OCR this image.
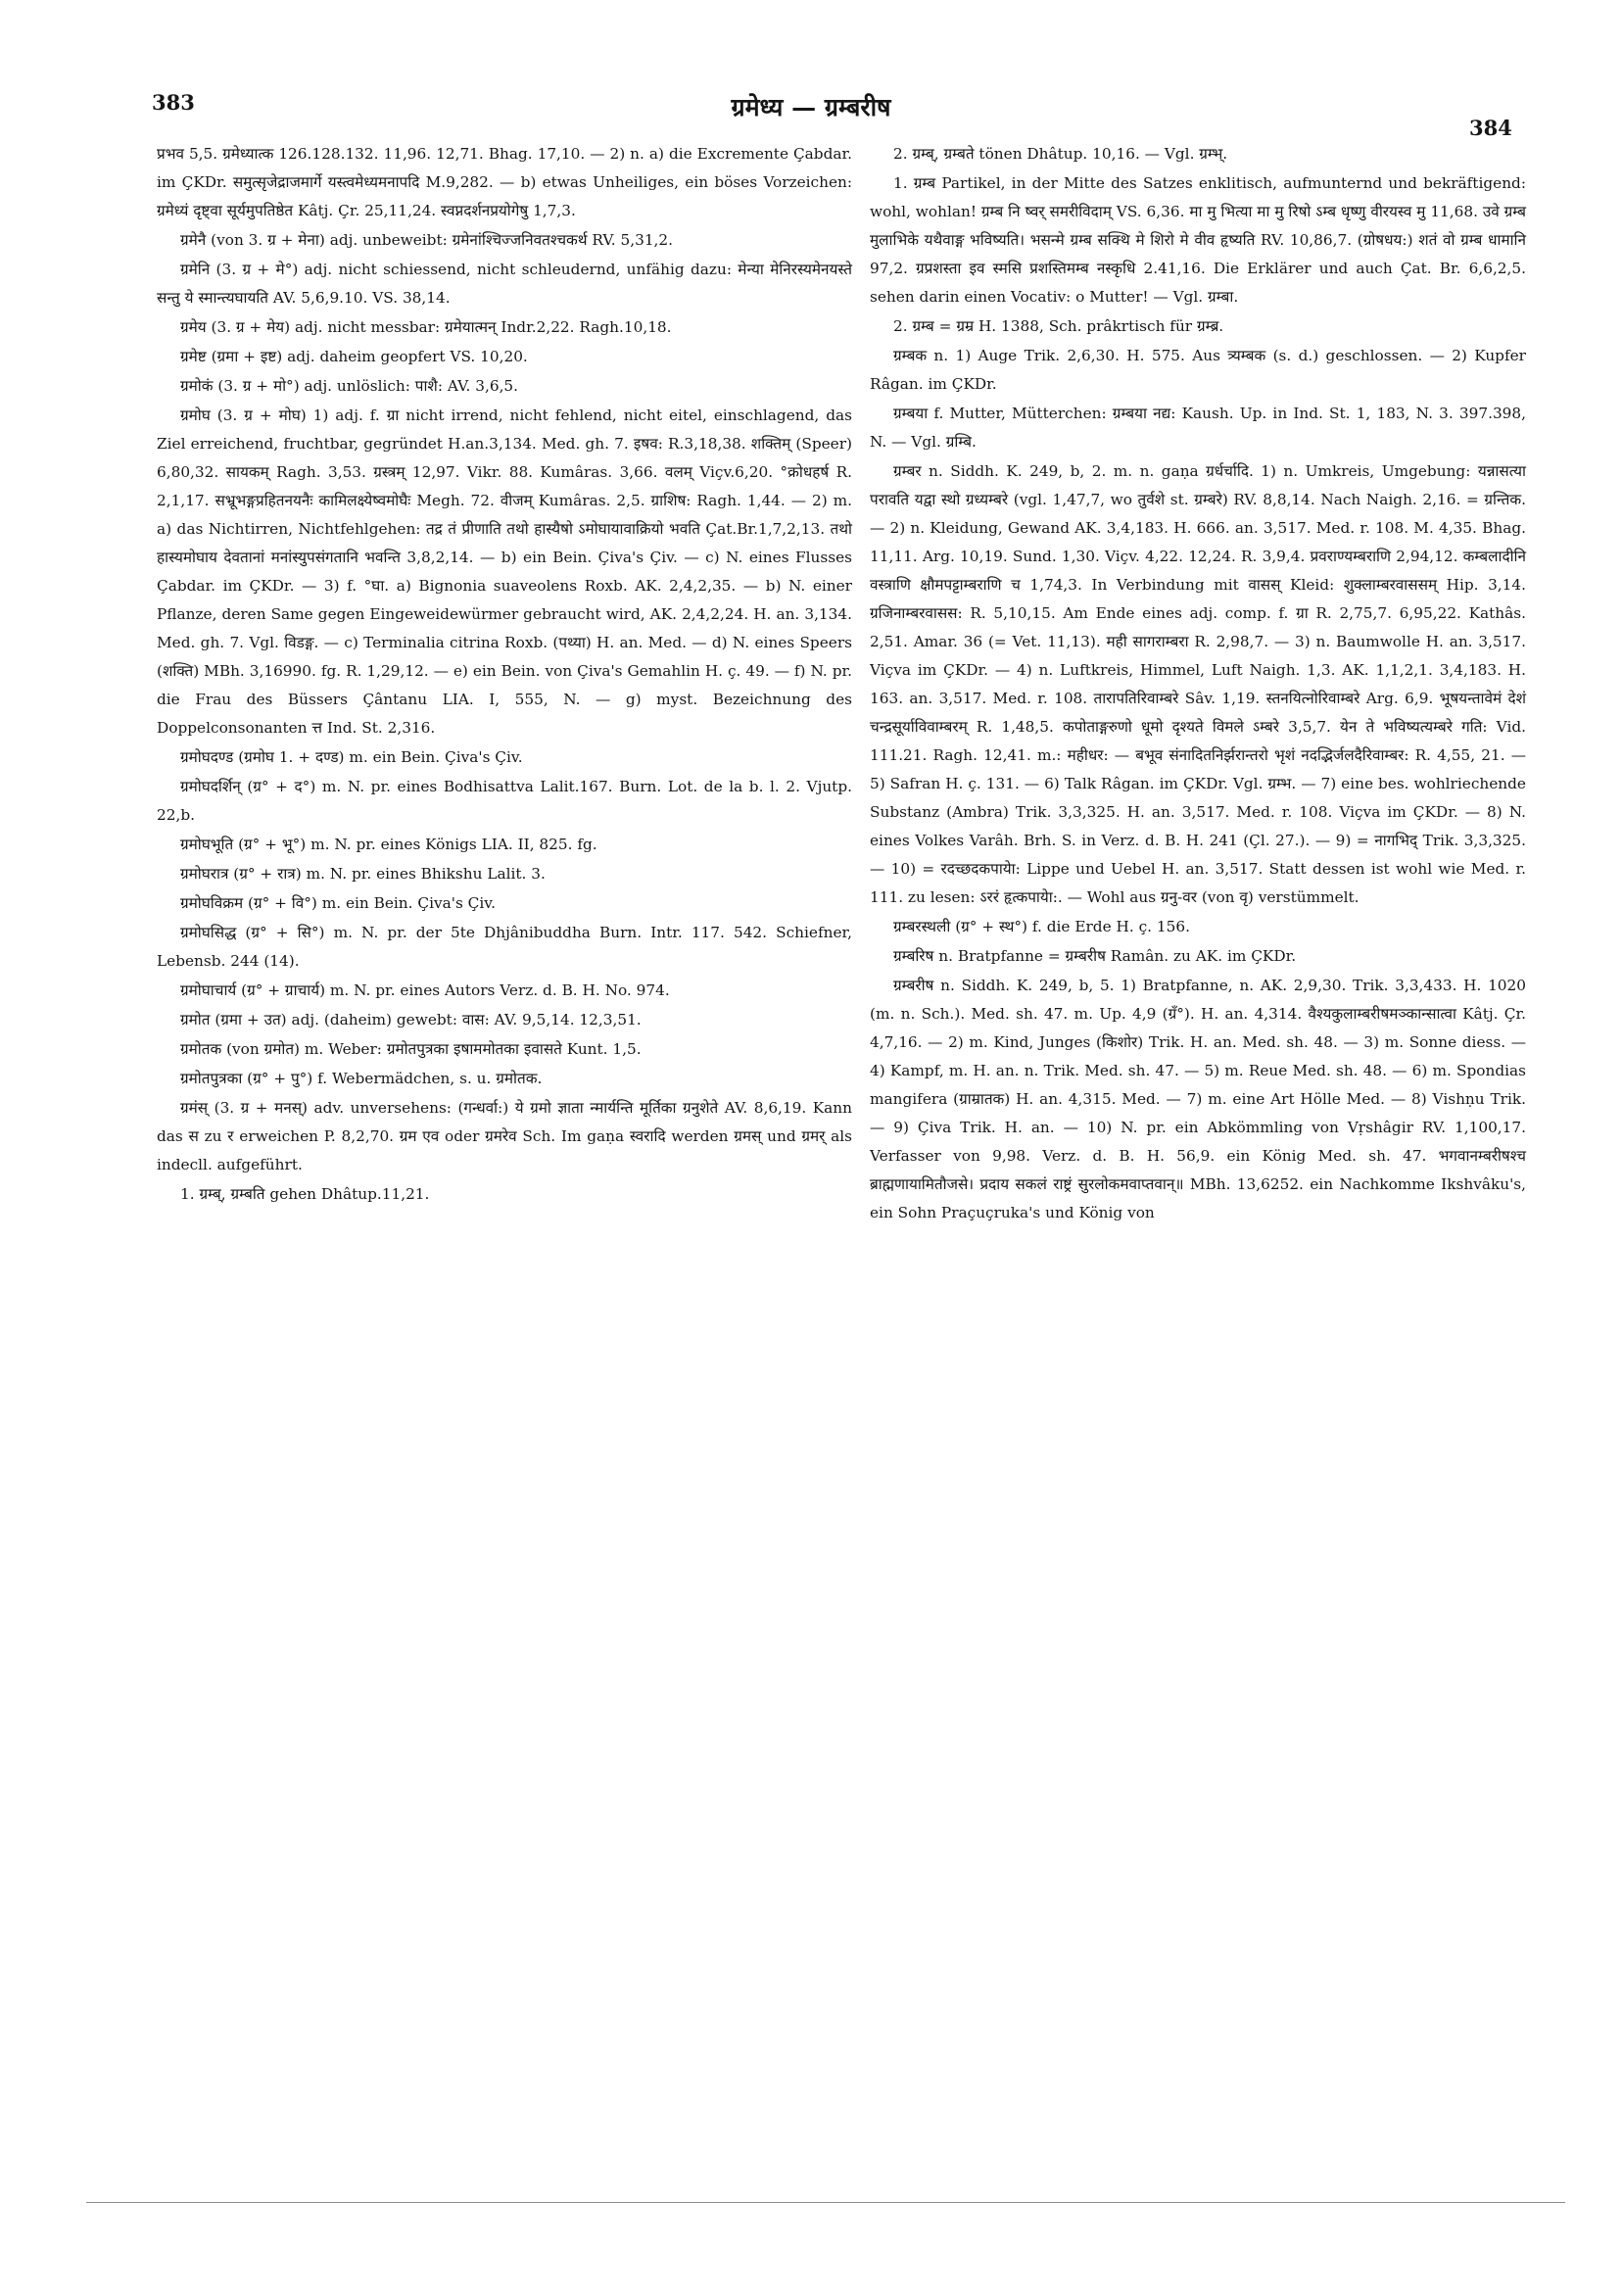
383	ग्रमेध्य — ग्रम्बरीष
384

प्रभव 5,5. ग्रमेध्यात्क 126.128.132. 11,96. 12,71. Bhag. 17,10. — 2) n. a) die Excremente Çabdar. im ÇKDr. समुत्सृजेद्राजमार्गे यस्त्वमेध्यमनापदि M.9,282. — b) etwas Unheiliges, ein böses Vorzeichen: ग्रमेध्यं दृष्ट्वा सूर्यमुपतिष्ठेत Kâtj. Çr. 25,11,24. स्वप्नदर्शनप्रयोगेषु 1,7,3.

ग्रमेनै (von 3. ग्र + मेना) adj. unbeweibt: ग्रमेनांश्चिज्जनिवतश्चकर्थ RV. 5,31,2.

ग्रमेनि (3. ग्र + मे°) adj. nicht schiessend, nicht schleudernd, unfähig dazu: मेन्या मेनिरस्यमेनयस्ते सन्तु ये स्मान्त्यघायति AV. 5,6,9.10. VS. 38,14.

ग्रमेय (3. ग्र + मेय) adj. nicht messbar: ग्रमेयात्मन् Indr.2,22. Ragh.10,18.

ग्रमेष्ट (ग्रमा + इष्ट) adj. daheim geopfert VS. 10,20.

ग्रमोकं (3. ग्र + मो°) adj. unlöslich: पाशै: AV. 3,6,5.

ग्रमोघ (3. ग्र + मोघ) 1) adj. f. ग्रा nicht irrend, nicht fehlend, nicht eitel, einschlagend, das Ziel erreichend, fruchtbar, gegründet H.an.3,134. Med. gh. 7. इषव: R.3,18,38. शक्तिम् (Speer) 6,80,32. सायकम् Ragh. 3,53. ग्रस्त्रम् 12,97. Vikr. 88. Kumâras. 3,66. वलम् Viçv.6,20. °क्रोधहर्ष R. 2,1,17. सभ्रूभङ्गप्रहितनयनैः कामिलक्ष्येष्वमोघैः Megh. 72. वीजम् Kumâras. 2,5. ग्राशिष: Ragh. 1,44. — 2) m. a) das Nichtirren, Nichtfehlgehen: तद्र तं प्रीणाति तथो हास्यैषो ऽमोघायावाक्रियो भवति Çat.Br.1,7,2,13. तथो हास्यमोघाय देवतानां मनांस्युपसंगतानि भवन्ति 3,8,2,14. — b) ein Bein. Çiva's Çiv. — c) N. eines Flusses Çabdar. im ÇKDr. — 3) f. °घा. a) Bignonia suaveolens Roxb. AK. 2,4,2,35. — b) N. einer Pflanze, deren Same gegen Eingeweidewürmer gebraucht wird, AK. 2,4,2,24. H. an. 3,134. Med. gh. 7. Vgl. विडङ्ग. — c) Terminalia citrina Roxb. (पथ्या) H. an. Med. — d) N. eines Speers (शक्ति) MBh. 3,16990. fg. R. 1,29,12. — e) ein Bein. von Çiva's Gemahlin H. ç. 49. — f) N. pr. die Frau des Büssers Çântanu LIA. I, 555, N. — g) myst. Bezeichnung des Doppelconsonanten त्त Ind. St. 2,316.

ग्रमोघदण्ड (ग्रमोघ 1. + दण्ड) m. ein Bein. Çiva's Çiv.

ग्रमोघदर्शिन् (ग्र° + द°) m. N. pr. eines Bodhisattva Lalit.167. Burn. Lot. de la b. l. 2. Vjutp. 22,b.

ग्रमोघभूति (ग्र° + भू°) m. N. pr. eines Königs LIA. II, 825. fg.

ग्रमोघरात्र (ग्र° + रात्र) m. N. pr. eines Bhikshu Lalit. 3.

ग्रमोघविक्रम (ग्र° + वि°) m. ein Bein. Çiva's Çiv.

ग्रमोघसिद्ध (ग्र° + सि°) m. N. pr. der 5te Dhjânibuddha Burn. Intr. 117. 542. Schiefner, Lebensb. 244 (14).

ग्रमोघाचार्य (ग्र° + ग्राचार्य) m. N. pr. eines Autors Verz. d. B. H. No. 974.

ग्रमोत (ग्रमा + उत) adj. (daheim) gewebt: वास: AV. 9,5,14. 12,3,51.

ग्रमोतक (von ग्रमोत) m. Weber: ग्रमोतपुत्रका इषाममोतका इवासते Kunt. 1,5.

ग्रमोतपुत्रका (ग्र° + पु°) f. Webermädchen, s. u. ग्रमोतक.

ग्रमंस् (3. ग्र + मनस्) adv. unversehens: (गन्धर्वा:) ये ग्रमो ज्ञाता न्मार्यन्ति मूर्तिका ग्रनुशेते AV. 8,6,19. Kann das स zu र erweichen P. 8,2,70. ग्रम एव oder ग्रमरेव Sch. Im gaṇa स्वरादि werden ग्रमस् und ग्रमर् als indecll. aufgeführt.

1. ग्रम्ब्, ग्रम्बति gehen Dhâtup.11,21.

2. ग्रम्ब्, ग्रम्बते tönen Dhâtup. 10,16. — Vgl. ग्रम्भ्.

1. ग्रम्ब Partikel, in der Mitte des Satzes enklitisch, aufmunternd und bekräftigend: wohl, wohlan! ग्रम्ब नि ष्वर् समरीविदाम् VS. 6,36. मा मु भित्या मा मु रिषो ऽम्ब धृष्णु वीरयस्व मु 11,68. उवे ग्रम्ब मुलाभिके यथैवाङ्ग भविष्यति। भसन्मे ग्रम्ब सक्थि मे शिरो मे वीव हृष्यति RV. 10,86,7. (ग्रोषधय:) शतं वो ग्रम्ब धामानि 97,2. ग्रप्रशस्ता इव स्मसि प्रशस्तिमम्ब नस्कृधि 2.41,16. Die Erklärer und auch Çat. Br. 6,6,2,5. sehen darin einen Vocativ: o Mutter! — Vgl. ग्रम्बा.

2. ग्रम्ब = ग्रम्र H. 1388, Sch. prâkrtisch für ग्रम्ब्र.

ग्रम्बक n. 1) Auge Trik. 2,6,30. H. 575. Aus त्र्यम्बक (s. d.) geschlossen. — 2) Kupfer Râgan. im ÇKDr.

ग्रम्बया f. Mutter, Mütterchen: ग्रम्बया नद्य: Kaush. Up. in Ind. St. 1, 183, N. 3. 397.398, N. — Vgl. ग्रम्बि.

ग्रम्बर n. Siddh. K. 249, b, 2. m. n. gaṇa ग्रर्धर्चादि. 1) n. Umkreis, Umgebung: यन्नासत्या परावति यद्वा स्थो ग्रध्यम्बरे (vgl. 1,47,7, wo तुर्वशे st. ग्रम्बरे) RV. 8,8,14. Nach Naigh. 2,16. = ग्रन्तिक. — 2) n. Kleidung, Gewand AK. 3,4,183. H. 666. an. 3,517. Med. r. 108. M. 4,35. Bhag. 11,11. Arg. 10,19. Sund. 1,30. Viçv. 4,22. 12,24. R. 3,9,4. प्रवराण्यम्बराणि 2,94,12. कम्बलादीनि वस्त्राणि क्षौमपट्टाम्बराणि च 1,74,3. In Verbindung mit वासस् Kleid: शुक्लाम्बरवाससम् Hip. 3,14. ग्रजिनाम्बरवासस: R. 5,10,15. Am Ende eines adj. comp. f. ग्रा R. 2,75,7. 6,95,22. Kathâs. 2,51. Amar. 36 (= Vet. 11,13). मही सागराम्बरा R. 2,98,7. — 3) n. Baumwolle H. an. 3,517. Viçva im ÇKDr. — 4) n. Luftkreis, Himmel, Luft Naigh. 1,3. AK. 1,1,2,1. 3,4,183. H. 163. an. 3,517. Med. r. 108. तारापतिरिवाम्बरे Sâv. 1,19. स्तनयित्नोरिवाम्बरे Arg. 6,9. भूषयन्तावेमं देशं चन्द्रसूर्याविवाम्बरम् R. 1,48,5. कपोताङ्गरुणो धूमो दृश्यते विमले ऽम्बरे 3,5,7. येन ते भविष्यत्यम्बरे गति: Vid. 111.21. Ragh. 12,41. m.: महीधर: — बभूव संनादितनिर्झरान्तरो भृशं नदद्भिर्जलदैरिवाम्बर: R. 4,55, 21. — 5) Safran H. ç. 131. — 6) Talk Râgan. im ÇKDr. Vgl. ग्रम्भ. — 7) eine bes. wohlriechende Substanz (Ambra) Trik. 3,3,325. H. an. 3,517. Med. r. 108. Viçva im ÇKDr. — 8) N. eines Volkes Varâh. Brh. S. in Verz. d. B. H. 241 (Çl. 27.). — 9) = नागभिद् Trik. 3,3,325. — 10) = रदच्छदकपायेा: Lippe und Uebel H. an. 3,517. Statt dessen ist wohl wie Med. r. 111. zu lesen: ऽररं हृत्कपायेा:. — Wohl aus ग्रनु-वर (von वृ) verstümmelt.

ग्रम्बरस्थली (ग्र° + स्थ°) f. die Erde H. ç. 156.

ग्रम्बरिष n. Bratpfanne = ग्रम्बरीष Ramân. zu AK. im ÇKDr.

ग्रम्बरीष n. Siddh. K. 249, b, 5. 1) Bratpfanne, n. AK. 2,9,30. Trik. 3,3,433. H. 1020 (m. n. Sch.). Med. sh. 47. m. Up. 4,9 (ग्रँ°). H. an. 4,314. वैश्यकुलाम्बरीषमञ्कान्सात्वा Kâtj. Çr. 4,7,16. — 2) m. Kind, Junges (किशोर) Trik. H. an. Med. sh. 48. — 3) m. Sonne diess. — 4) Kampf, m. H. an. n. Trik. Med. sh. 47. — 5) m. Reue Med. sh. 48. — 6) m. Spondias mangifera (ग्राम्रातक) H. an. 4,315. Med. — 7) m. eine Art Hölle Med. — 8) Vishṇu Trik. — 9) Çiva Trik. H. an. — 10) N. pr. ein Abkömmling von Vṛshâgir RV. 1,100,17. Verfasser von 9,98. Verz. d. B. H. 56,9. ein König Med. sh. 47. भगवानम्बरीषश्च ब्राह्मणायामितौजसे। प्रदाय सकलं राष्ट्रं सुरलोकमवाप्तवान्॥ MBh. 13,6252. ein Nachkomme Ikshvâku's, ein Sohn Praçuçruka's und König von
